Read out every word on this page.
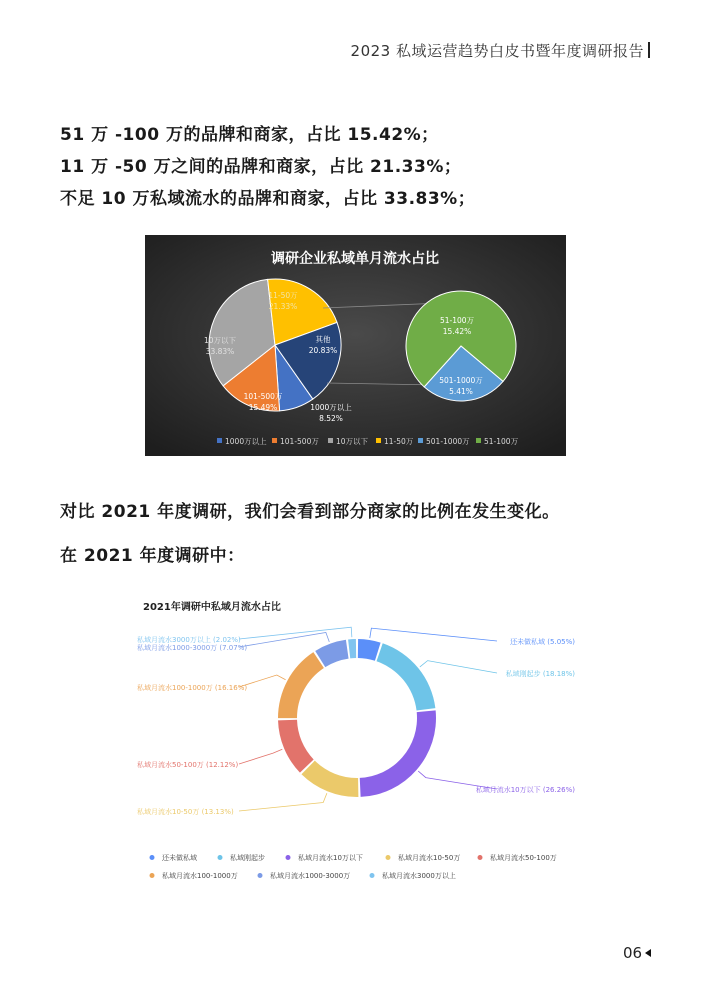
2023 私域运营趋势白皮书暨年度调研报告
51 万 -100 万的品牌和商家，占比 15.42%；
11 万 -50 万之间的品牌和商家，占比 21.33%；
不足 10 万私域流水的品牌和商家，占比 33.83%；
调研企业私域单月流水占比
1000万以上 8.52%
101-500万 15.49%
10万以下 33.83%
11-50万 21.33%
其他 20.83%
501-1000万 5.41%
51-100万 15.42%
1000万以上 101-500万 10万以下 11-50万 501-1000万 51-100万
对比 2021 年度调研，我们会看到部分商家的比例在发生变化。
在 2021 年度调研中：
2021年调研中私域月流水占比
还未做私域 (5.05%)
私域刚起步 (18.18%)
私域月流水10万以下 (26.26%)
私域月流水10-50万 (13.13%)
私域月流水50-100万 (12.12%)
私域月流水100-1000万 (16.16%)
私域月流水1000-3000万 (7.07%)
私域月流水3000万以上 (2.02%)
还未做私域	私域刚起步	私域月流水10万以下	私域月流水10-50万	私域月流水50-100万
私域月流水100-1000万	私域月流水1000-3000万	私域月流水3000万以上
06
